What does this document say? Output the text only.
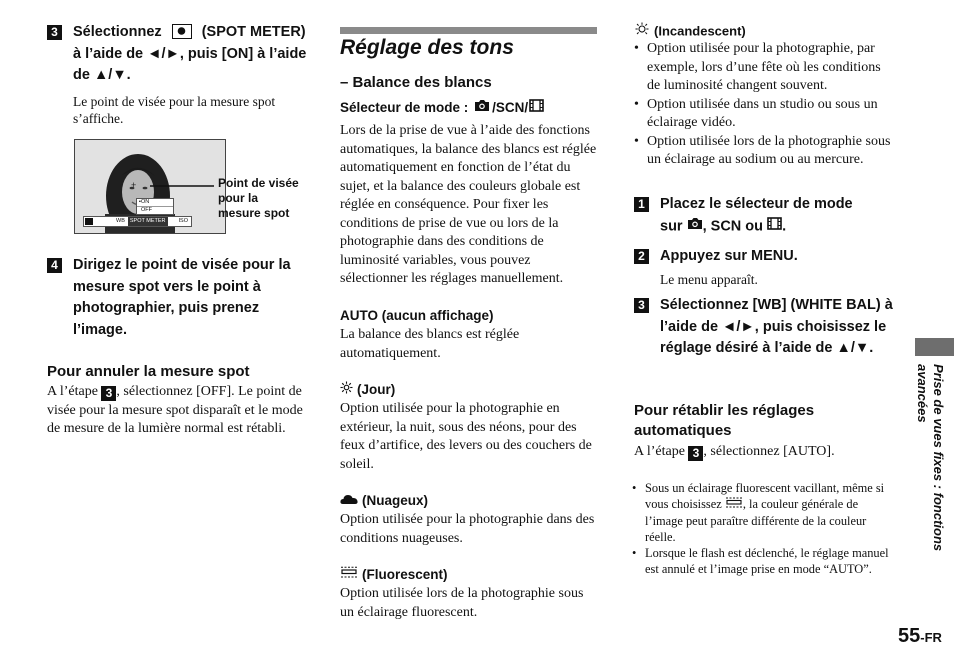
3 Sélectionnez	(SPOT METER) à l’aide de ◄/►, puis [ON] à l’aide de ▲/▼.
Le point de visée pour la mesure spot s’affiche.
+
▪ON
OFF
WB SPOT METER	ISO
Point de visée pour la mesure spot
4 Dirigez le point de visée pour la mesure spot vers le point à photographier, puis prenez l’image.
Pour annuler la mesure spot
A l’étape 3 , sélectionnez [OFF]. Le point de visée pour la mesure spot disparaît et le mode de mesure de la lumière normal est rétabli.
Réglage des tons
– Balance des blancs
Sélecteur de mode : /SCN/
Lors de la prise de vue à l’aide des fonctions automatiques, la balance des blancs est réglée automatiquement en fonction de l’état du sujet, et la balance des couleurs globale est réglée en conséquence. Pour fixer les conditions de prise de vue ou lors de la photographie dans des conditions de luminosité variables, vous pouvez sélectionner les réglages manuellement.
AUTO (aucun affichage)
La balance des blancs est réglée automatiquement.
(Jour)
Option utilisée pour la photographie en extérieur, la nuit, sous des néons, pour des feux d’artifice, des levers ou des couchers de soleil.
(Nuageux)
Option utilisée pour la photographie dans des conditions nuageuses.
(Fluorescent)
Option utilisée lors de la photographie sous un éclairage fluorescent.
(Incandescent)
• Option utilisée pour la photographie, par exemple, lors d’une fête où les conditions de luminosité changent souvent.
• Option utilisée dans un studio ou sous un éclairage vidéo.
• Option utilisée lors de la photographie sous un éclairage au sodium ou au mercure.
1 Placez le sélecteur de mode
sur , SCN ou .
2 Appuyez sur MENU.
Le menu apparaît.
3 Sélectionnez [WB] (WHITE BAL) à l’aide de ◄/►, puis choisissez le réglage désiré à l’aide de ▲/▼.
Pour rétablir les réglages automatiques
A l’étape 3 , sélectionnez [AUTO].
• Sous un éclairage fluorescent vacillant, même si vous choisissez , la couleur générale de l’image peut paraître différente de la couleur réelle.
• Lorsque le flash est déclenché, le réglage manuel est annulé et l’image prise en mode “AUTO”.
Prise de vues fixes : fonctions avancées
55-FR
